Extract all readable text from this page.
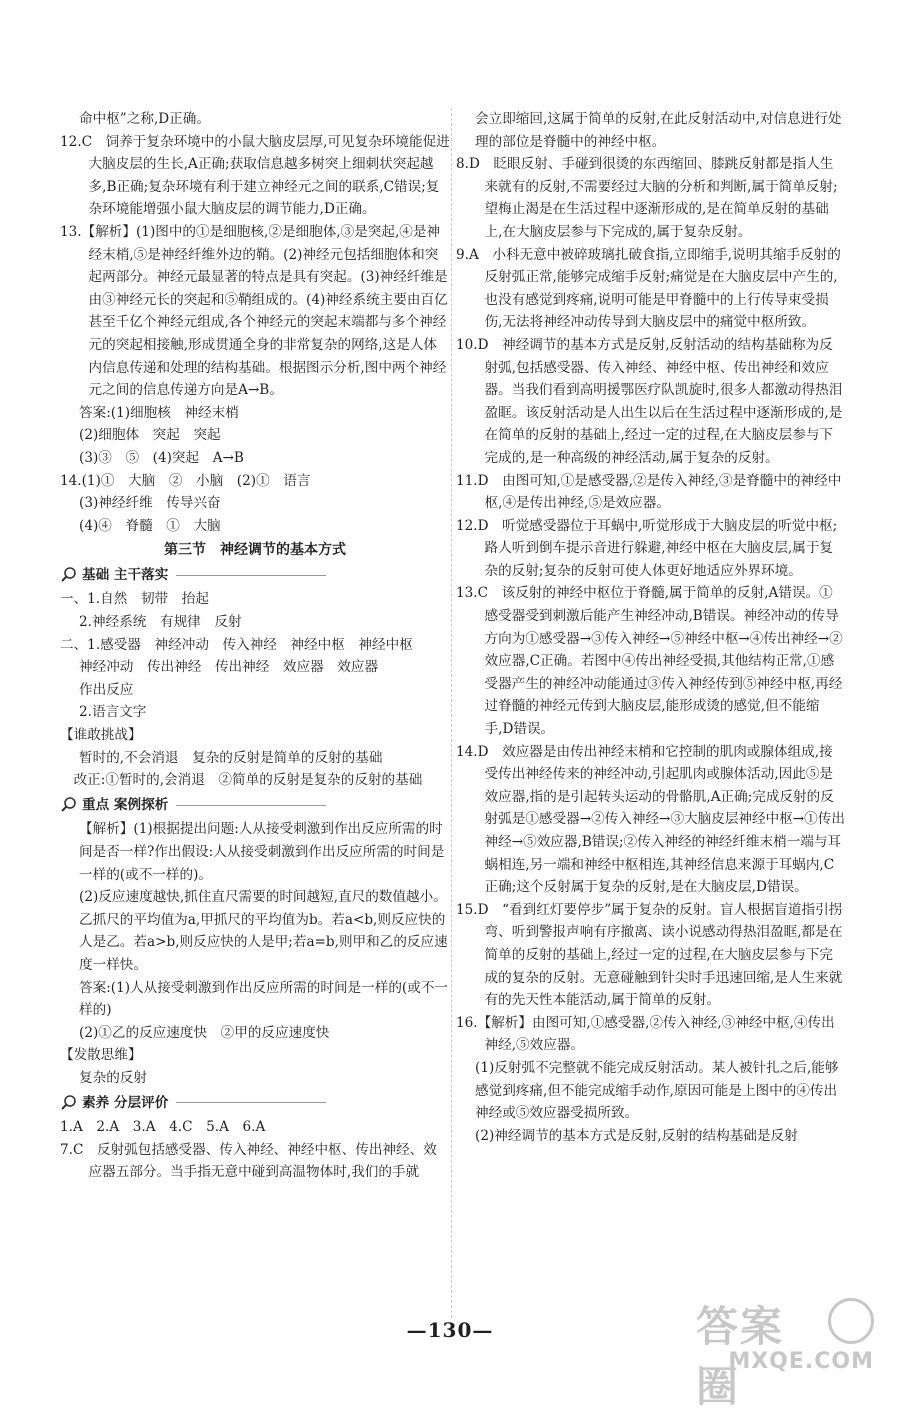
命中枢”之称,D正确。

12.C　饲养于复杂环境中的小鼠大脑皮层厚,可见复杂环境能促进大脑皮层的生长,A正确;获取信息越多树突上细刺状突起越多,B正确;复杂环境有利于建立神经元之间的联系,C错误;复杂环境能增强小鼠大脑皮层的调节能力,D正确。

13.【解析】(1)图中的①是细胞核,②是细胞体,③是突起,④是神经末梢,⑤是神经纤维外边的鞘。(2)神经元包括细胞体和突起两部分。神经元最显著的特点是具有突起。(3)神经纤维是由③神经元长的突起和⑤鞘组成的。(4)神经系统主要由百亿甚至千亿个神经元组成,各个神经元的突起末端都与多个神经元的突起相接触,形成贯通全身的非常复杂的网络,这是人体内信息传递和处理的结构基础。根据图示分析,图中两个神经元之间的信息传递方向是A→B。

答案:(1)细胞核　神经末梢

(2)细胞体　突起　突起

(3)③　⑤　(4)突起　A→B

14.(1)①　大脑　②　小脑　(2)①　语言

(3)神经纤维　传导兴奋

(4)④　脊髓　①　大脑

第三节　神经调节的基本方式
基础 主干落实

一、1.自然　韧带　抬起

2.神经系统　有规律　反射

二、1.感受器　神经冲动　传入神经　神经中枢　神经中枢

神经冲动　传出神经　传出神经　效应器　效应器

作出反应

2.语言文字

【谁敢挑战】

暂时的,不会消退　复杂的反射是简单的反射的基础

　改正:①暂时的,会消退　②简单的反射是复杂的反射的基础

重点 案例探析

【解析】(1)根据提出问题:人从接受刺激到作出反应所需的时间是否一样?作出假设:人从接受刺激到作出反应所需的时间是一样的(或不一样的)。

(2)反应速度越快,抓住直尺需要的时间越短,直尺的数值越小。乙抓尺的平均值为a,甲抓尺的平均值为b。若a<b,则反应快的人是乙。若a>b,则反应快的人是甲;若a=b,则甲和乙的反应速度一样快。

答案:(1)人从接受刺激到作出反应所需的时间是一样的(或不一样的)

(2)①乙的反应速度快　②甲的反应速度快

【发散思维】

复杂的反射

素养 分层评价

1.A　2.A　3.A　4.C　5.A　6.A

7.C　反射弧包括感受器、传入神经、神经中枢、传出神经、效应器五部分。当手指无意中碰到高温物体时,我们的手就

会立即缩回,这属于简单的反射,在此反射活动中,对信息进行处理的部位是脊髓中的神经中枢。

8.D　眨眼反射、手碰到很烫的东西缩回、膝跳反射都是指人生来就有的反射,不需要经过大脑的分析和判断,属于简单反射;望梅止渴是在生活过程中逐渐形成的,是在简单反射的基础上,在大脑皮层参与下完成的,属于复杂反射。

9.A　小科无意中被碎玻璃扎破食指,立即缩手,说明其缩手反射的反射弧正常,能够完成缩手反射;痛觉是在大脑皮层中产生的,也没有感觉到疼痛,说明可能是甲脊髓中的上行传导束受损伤,无法将神经冲动传导到大脑皮层中的痛觉中枢所致。

10.D　神经调节的基本方式是反射,反射活动的结构基础称为反射弧,包括感受器、传入神经、神经中枢、传出神经和效应器。当我们看到高明援鄂医疗队凯旋时,很多人都激动得热泪盈眶。该反射活动是人出生以后在生活过程中逐渐形成的,是在简单的反射的基础上,经过一定的过程,在大脑皮层参与下完成的,是一种高级的神经活动,属于复杂的反射。

11.D　由图可知,①是感受器,②是传入神经,③是脊髓中的神经中枢,④是传出神经,⑤是效应器。

12.D　听觉感受器位于耳蜗中,听觉形成于大脑皮层的听觉中枢;路人听到倒车提示音进行躲避,神经中枢在大脑皮层,属于复杂的反射;复杂的反射可使人体更好地适应外界环境。

13.C　该反射的神经中枢位于脊髓,属于简单的反射,A错误。①感受器受到刺激后能产生神经冲动,B错误。神经冲动的传导方向为①感受器→③传入神经→⑤神经中枢→④传出神经→②效应器,C正确。若图中④传出神经受损,其他结构正常,①感受器产生的神经冲动能通过③传入神经传到⑤神经中枢,再经过脊髓的神经元传到大脑皮层,能形成烫的感觉,但不能缩手,D错误。

14.D　效应器是由传出神经末梢和它控制的肌肉或腺体组成,接受传出神经传来的神经冲动,引起肌肉或腺体活动,因此⑤是效应器,指的是引起转头运动的骨骼肌,A正确;完成反射的反射弧是①感受器→②传入神经→③大脑皮层神经中枢→①传出神经→⑤效应器,B错误;②传入神经的神经纤维末梢一端与耳蜗相连,另一端和神经中枢相连,其神经信息来源于耳蜗内,C正确;这个反射属于复杂的反射,是在大脑皮层,D错误。

15.D　“看到红灯要停步”属于复杂的反射。盲人根据盲道指引拐弯、听到警报声响有序撤离、读小说感动得热泪盈眶,都是在简单的反射的基础上,经过一定的过程,在大脑皮层参与下完成的复杂的反射。无意碰触到针尖时手迅速回缩,是人生来就有的先天性本能活动,属于简单的反射。

16.【解析】由图可知,①感受器,②传入神经,③神经中枢,④传出神经,⑤效应器。

(1)反射弧不完整就不能完成反射活动。某人被针扎之后,能够感觉到疼痛,但不能完成缩手动作,原因可能是上图中的④传出神经或⑤效应器受损所致。

(2)神经调节的基本方式是反射,反射的结构基础是反射

—130—	答案圈
MXQE.COM
